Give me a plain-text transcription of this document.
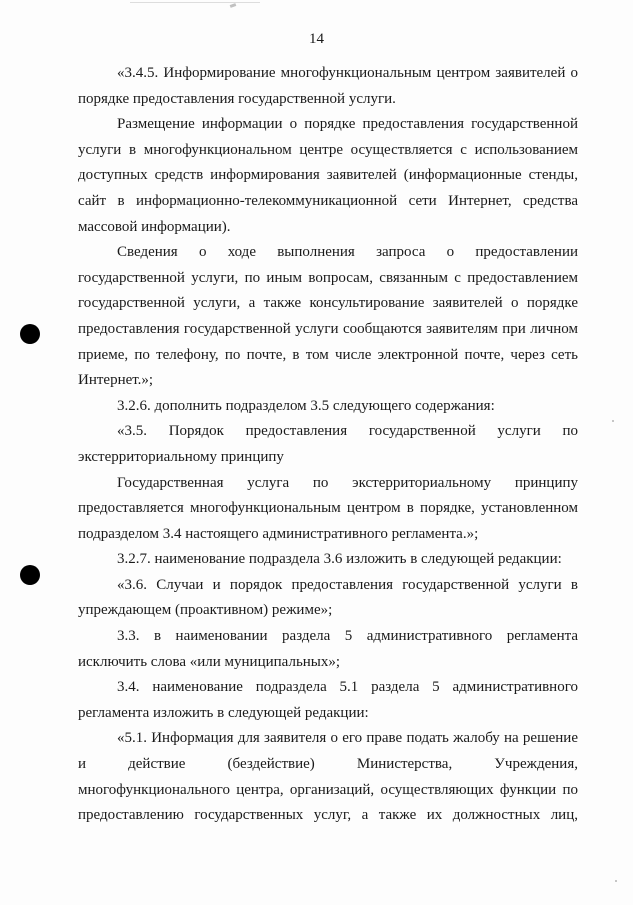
14

«3.4.5. Информирование многофункциональным центром заявителей о порядке предоставления государственной услуги.

Размещение информации о порядке предоставления государственной услуги в многофункциональном центре осуществляется с использованием доступных средств информирования заявителей (информационные стенды, сайт в информационно-телекоммуникационной сети Интернет, средства массовой информации).

Сведения о ходе выполнения запроса о предоставлении государственной услуги, по иным вопросам, связанным с предоставлением государственной услуги, а также консультирование заявителей о порядке предоставления государственной услуги сообщаются заявителям при личном приеме, по телефону, по почте, в том числе электронной почте, через сеть Интернет.»;

3.2.6. дополнить подразделом 3.5 следующего содержания:

«3.5. Порядок предоставления государственной услуги по экстерриториальному принципу

Государственная услуга по экстерриториальному принципу предоставляется многофункциональным центром в порядке, установленном подразделом 3.4 настоящего административного регламента.»;

3.2.7. наименование подраздела 3.6 изложить в следующей редакции:

«3.6. Случаи и порядок предоставления государственной услуги в упреждающем (проактивном) режиме»;

3.3. в наименовании раздела 5 административного регламента исключить слова «или муниципальных»;

3.4. наименование подраздела 5.1 раздела 5 административного регламента изложить в следующей редакции:

«5.1. Информация для заявителя о его праве подать жалобу на решение и действие (бездействие) Министерства, Учреждения, многофункционального центра, организаций, осуществляющих функции по предоставлению государственных услуг, а также их должностных лиц,
